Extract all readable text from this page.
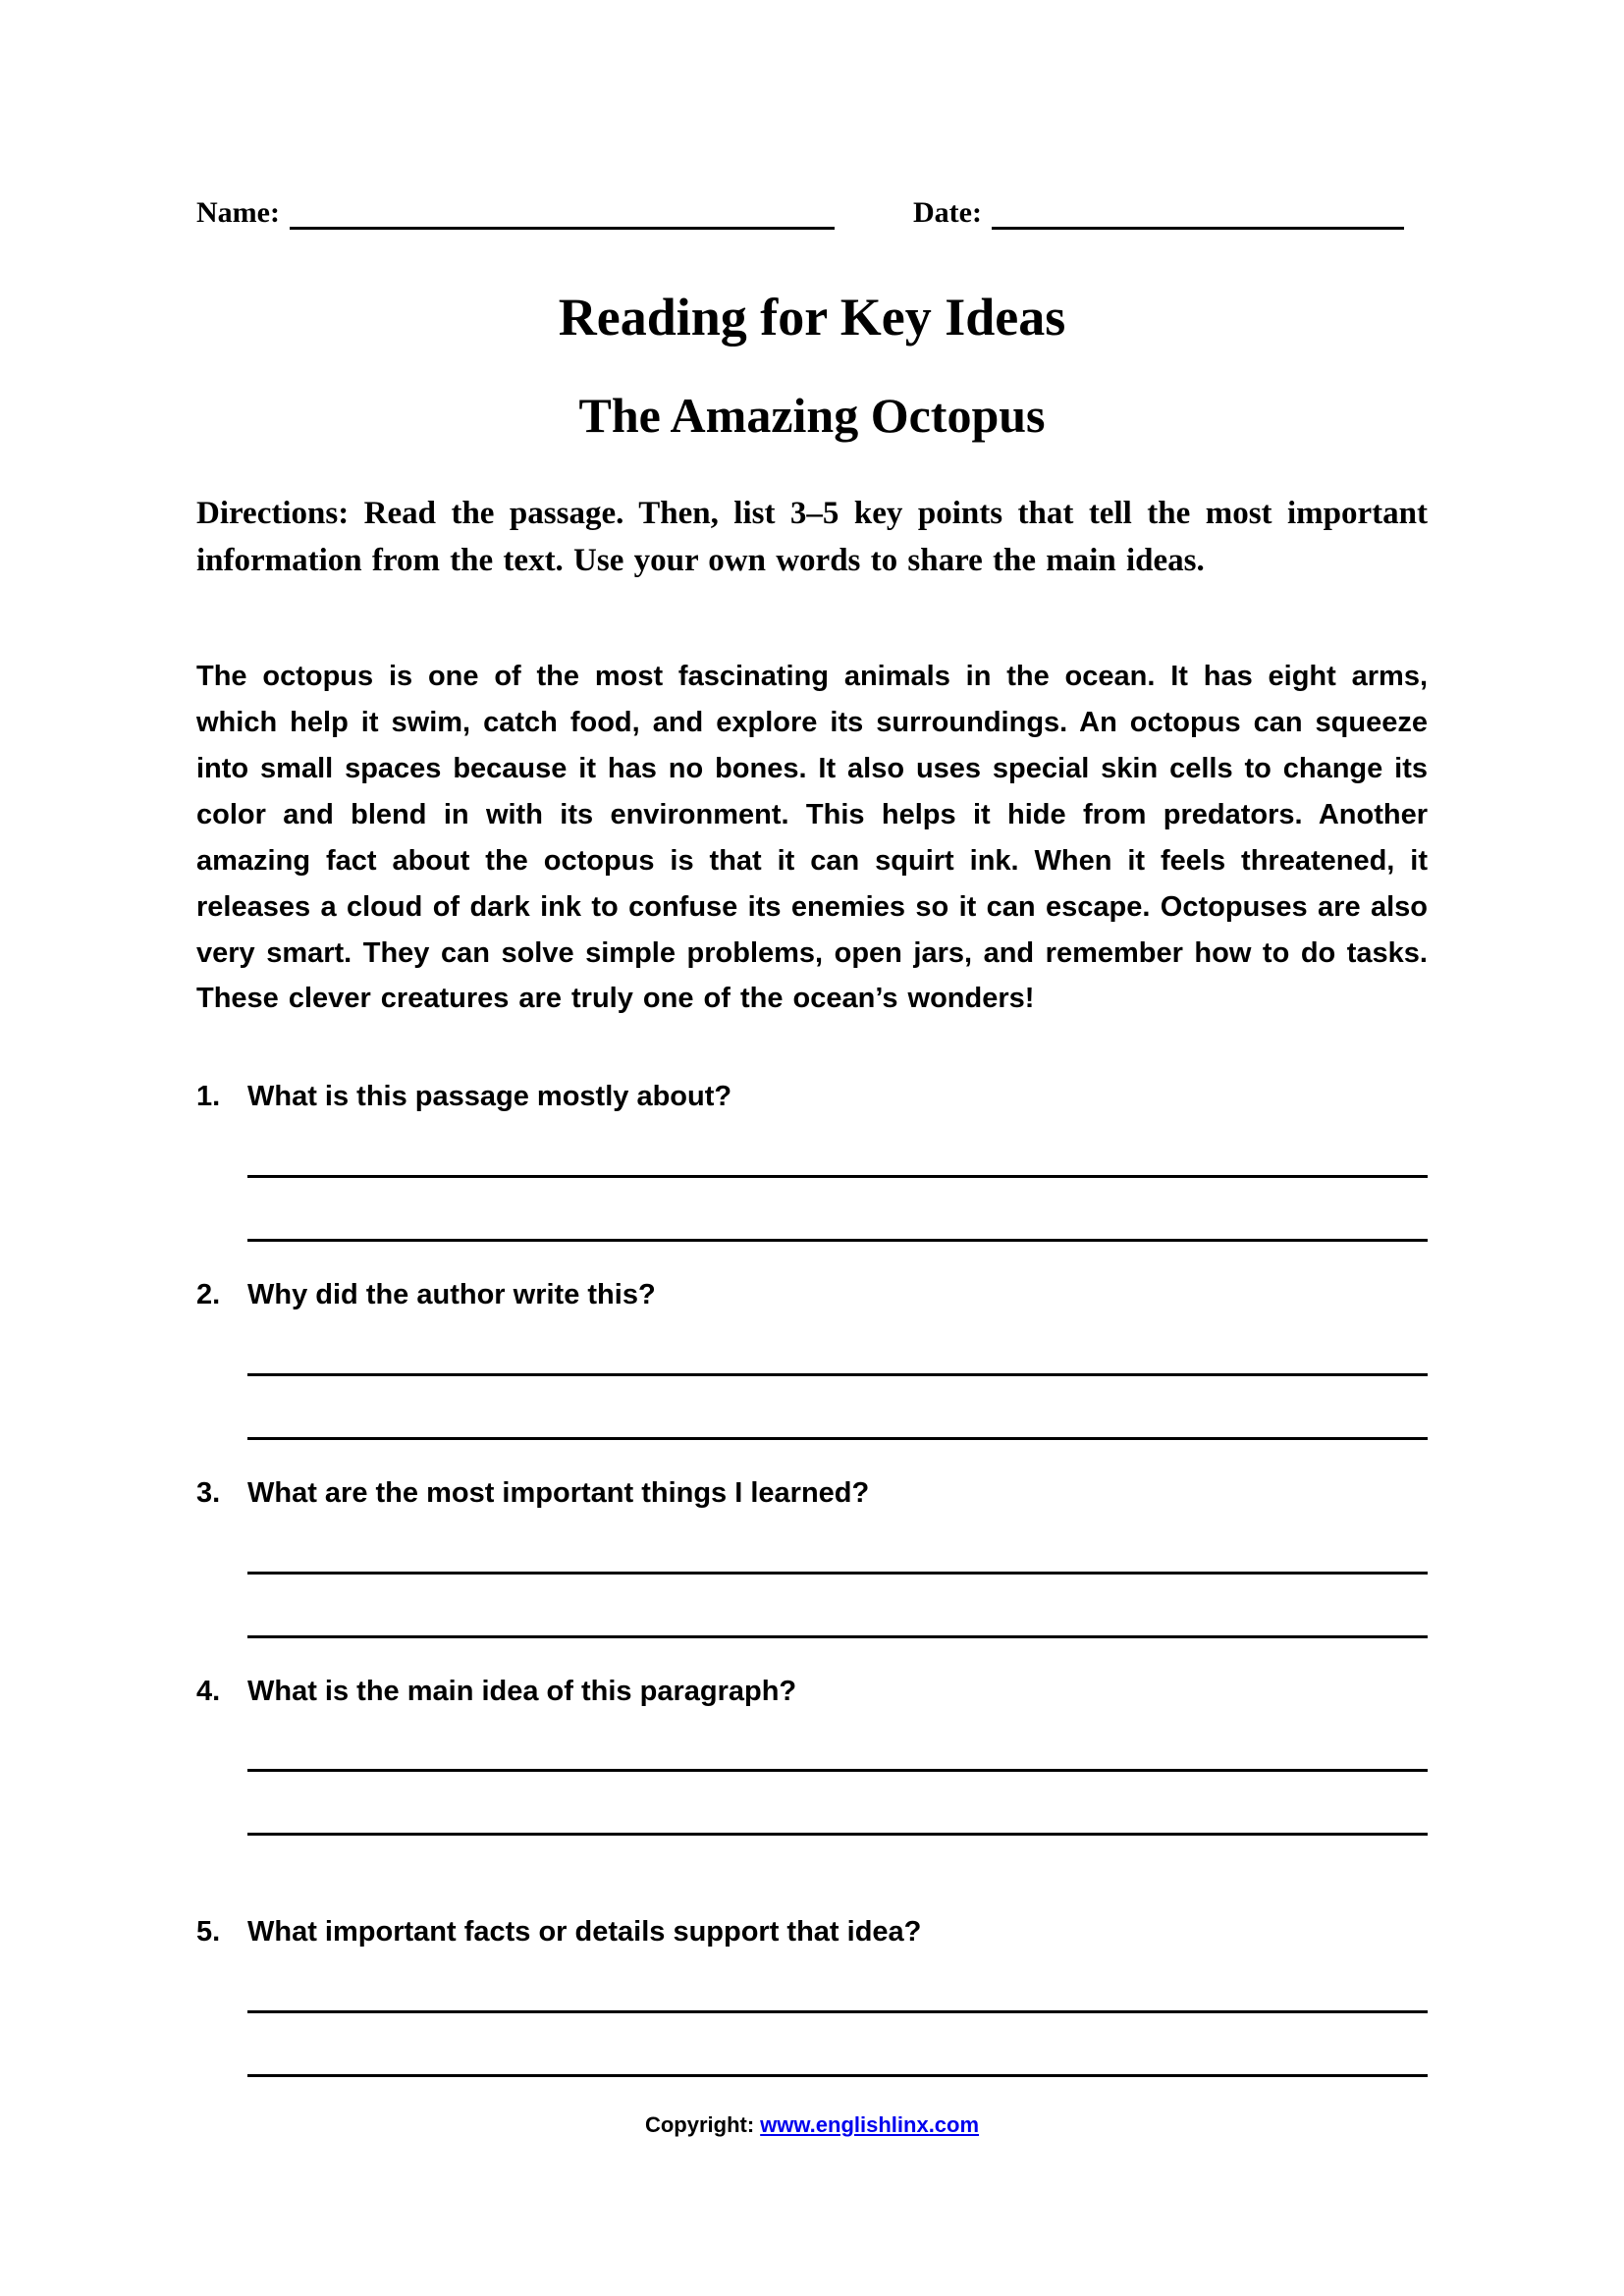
Name:	Date:
Reading for Key Ideas
The Amazing Octopus

Directions: Read the passage. Then, list 3–5 key points that tell the most important information from the text. Use your own words to share the main ideas.

The octopus is one of the most fascinating animals in the ocean. It has eight arms, which help it swim, catch food, and explore its surroundings. An octopus can squeeze into small spaces because it has no bones. It also uses special skin cells to change its color and blend in with its environment. This helps it hide from predators. Another amazing fact about the octopus is that it can squirt ink. When it feels threatened, it releases a cloud of dark ink to confuse its enemies so it can escape. Octopuses are also very smart. They can solve simple problems, open jars, and remember how to do tasks. These clever creatures are truly one of the ocean’s wonders!

1. What is this passage mostly about?
2. Why did the author write this?
3. What are the most important things I learned?
4. What is the main idea of this paragraph?
5. What important facts or details support that idea?
Copyright: www.englishlinx.com
